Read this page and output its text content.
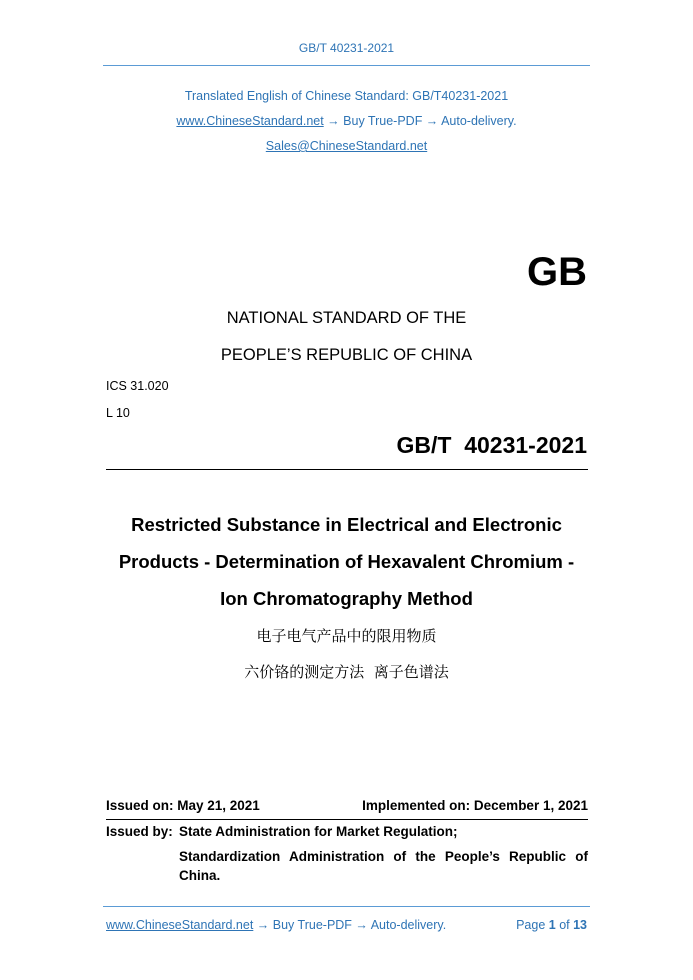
GB/T 40231-2021
Translated English of Chinese Standard: GB/T40231-2021
www.ChineseStandard.net → Buy True-PDF → Auto-delivery.
Sales@ChineseStandard.net
GB
NATIONAL STANDARD OF THE
PEOPLE’S REPUBLIC OF CHINA
ICS 31.020
L 10
GB/T  40231-2021
Restricted Substance in Electrical and Electronic
Products - Determination of Hexavalent Chromium -
Ion Chromatography Method
电子电气产品中的限用物质
六价铬的测定方法  离子色谱法
Issued on: May 21, 2021	Implemented on: December 1, 2021
Issued by: State Administration for Market Regulation;
Standardization Administration of the People’s Republic of
China.
www.ChineseStandard.net → Buy True-PDF → Auto-delivery.	Page 1 of 13
